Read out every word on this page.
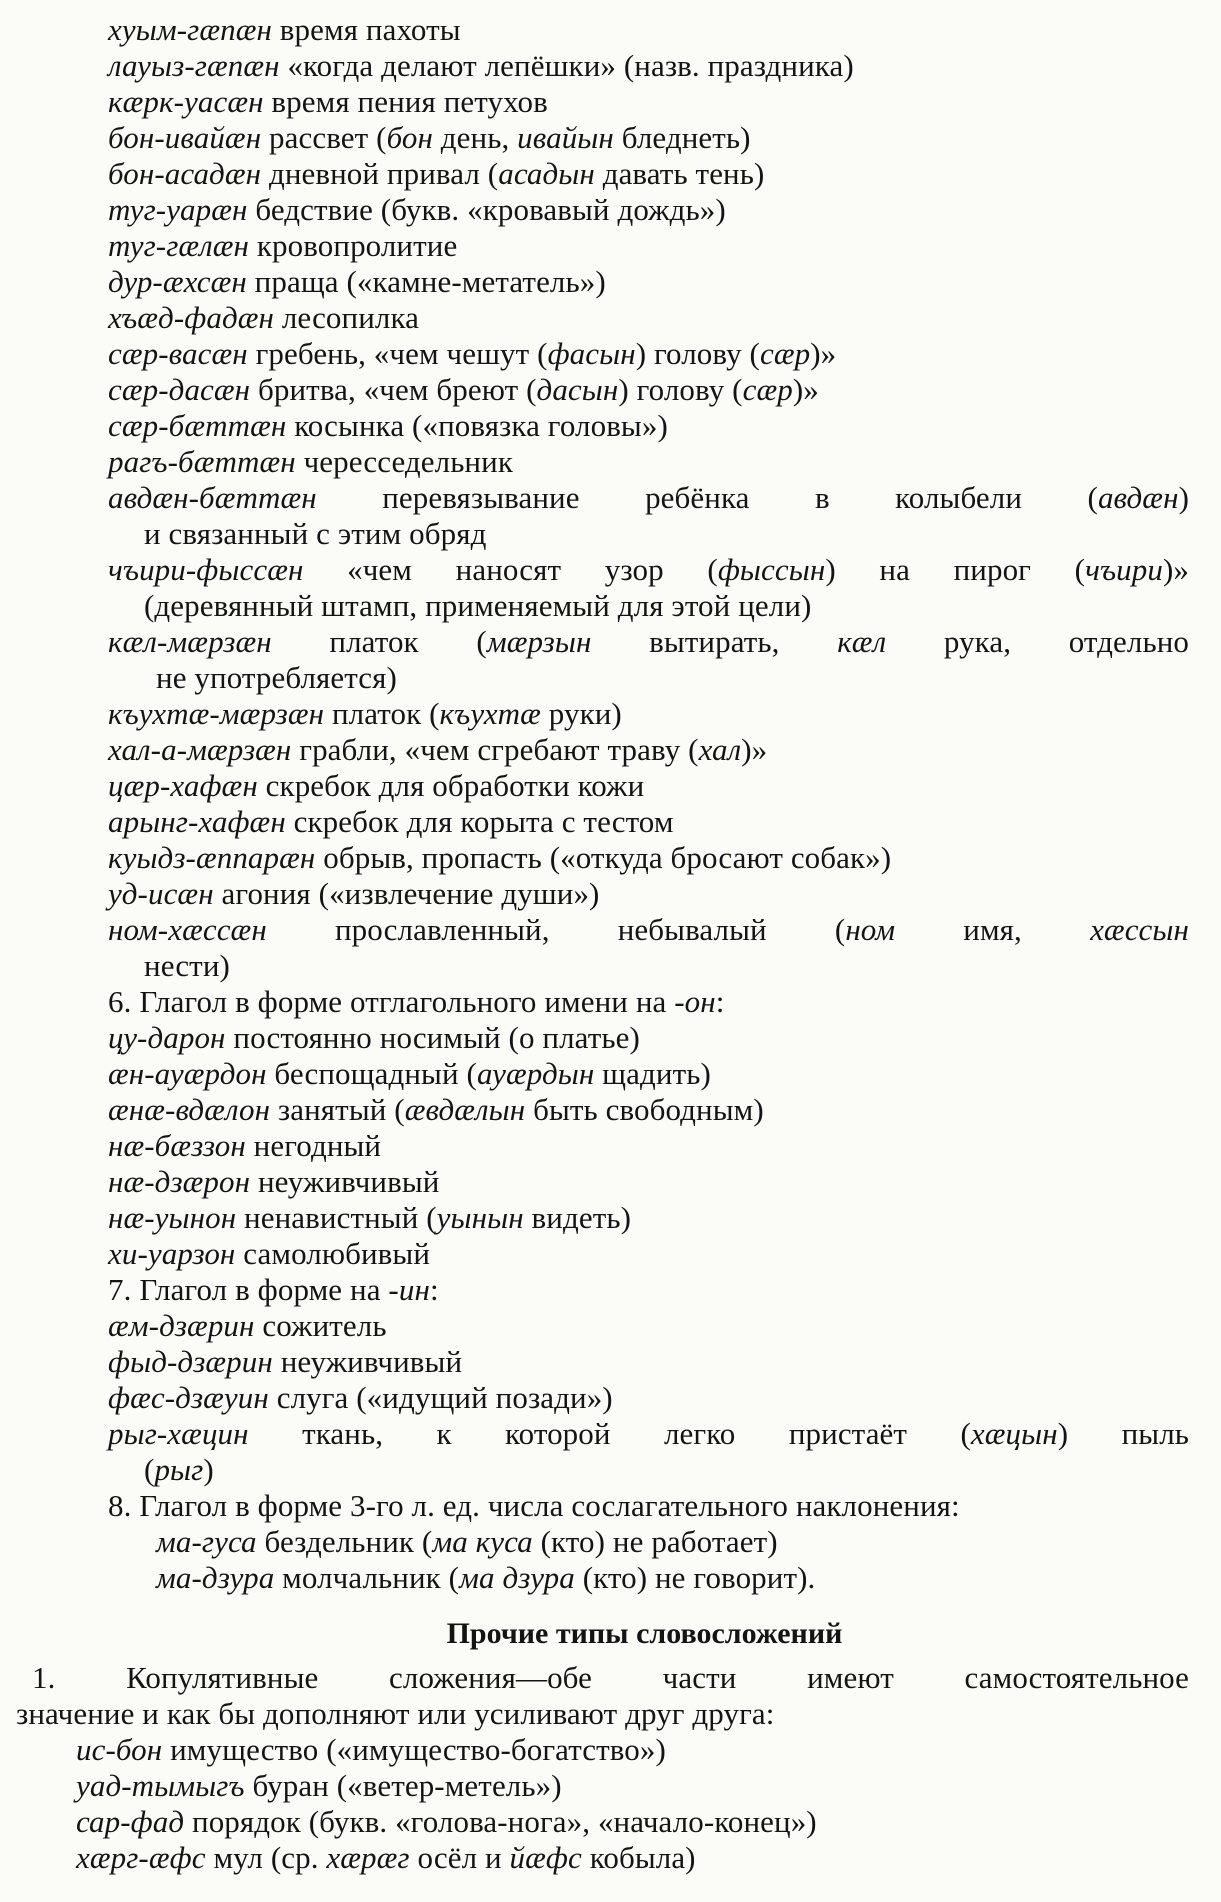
хуым-гænæн время пахоты
лауыз-гænæн «когда делают лепёшки» (назв. праздника)
кæрк-уасæн время пения петухов
бон-ивайæн рассвет (бон день, ивайын бледнеть)
бон-асадæн дневной привал (асадын давать тень)
туг-уарæн бедствие (букв. «кровавый дождь»)
туг-гæлæн кровопролитие
дур-æхсæн праща («камне-метатель»)
хъæд-фадæн лесопилка
сæр-васæн гребень, «чем чешут (фасын) голову (сæр)»
сæр-дасæн бритва, «чем бреют (дасын) голову (сæр)»
сæр-бæттæн косынка («повязка головы»)
рагъ-бæттæн чересседельник
авдæн-бæттæн перевязывание ребёнка в колыбели (авдæн)
и связанный с этим обряд
чъири-фыссæн «чем наносят узор (фыссын) на пирог (чъири)»
(деревянный штамп, применяемый для этой цели)
кæл-мæрзæн платок (мæрзын вытирать, кæл рука, отдельно
не употребляется)
къухтæ-мæрзæн платок (къухтæ руки)
хал-а-мæрзæн грабли, «чем сгребают траву (хал)»
цæр-хафæн скребок для обработки кожи
арынг-хафæн скребок для корыта с тестом
куыдз-æппарæн обрыв, пропасть («откуда бросают собак»)
уд-исæн агония («извлечение души»)
ном-хæссæн прославленный, небывалый (ном имя, хæссын
нести)
6. Глагол в форме отглагольного имени на -он:
цу-дарон постоянно носимый (о платье)
æн-ауæрдон беспощадный (ауæрдын щадить)
æнæ-вдæлон занятый (æвдæлын быть свободным)
нæ-бæззон негодный
нæ-дзæрон неуживчивый
нæ-уынон ненавистный (уынын видеть)
хи-уарзон самолюбивый
7. Глагол в форме на -ин:
æм-дзæрин сожитель
фыд-дзæрин неуживчивый
фæс-дзæуин слуга («идущий позади»)
рыг-хæцин ткань, к которой легко пристаёт (хæцын) пыль
(рыг)
8. Глагол в форме 3-го л. ед. числа сослагательного наклонения:
ма-гуса бездельник (ма куса (кто) не работает)
ма-дзура молчальник (ма дзура (кто) не говорит).
Прочие типы словосложений
1. Копулятивные сложения—обе части имеют самостоятельное
значение и как бы дополняют или усиливают друг друга:
ис-бон имущество («имущество-богатство»)
уад-тымыгъ буран («ветер-метель»)
сар-фад порядок (букв. «голова-нога», «начало-конец»)
хæрг-æфс мул (ср. хæрæг осёл и йæфс кобыла)
